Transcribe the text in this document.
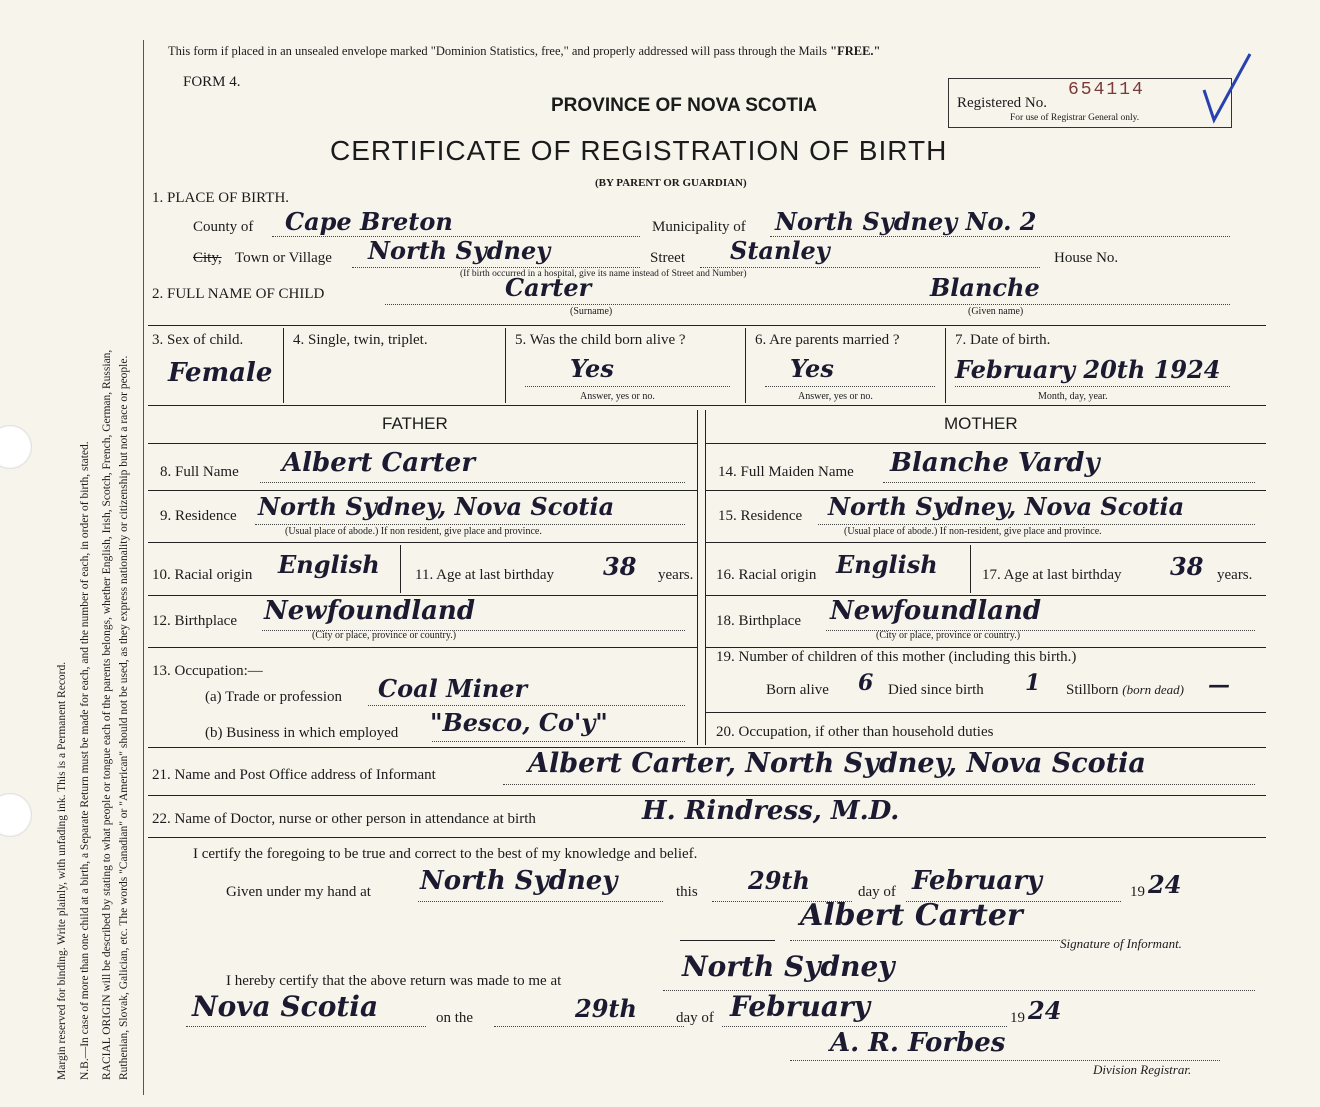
Margin reserved for binding. Write plainly, with unfading ink. This is a Permanent Record. N.B.—In case of more than one child at a birth, a Separate Return must be made for each, and the number of each, in order of birth, stated. RACIAL ORIGIN will be described by stating to what people or tongue each of the parents belongs, whether English, Irish, Scotch, French, German, Russian, Ruthenian, Slovak, Galician, etc. The words "Canadian" or "American" should not be used, as they express nationality or citizenship but not a race or people.
This form if placed in an unsealed envelope marked "Dominion Statistics, free," and properly addressed will pass through the Mails "FREE."
FORM 4.
PROVINCE OF NOVA SCOTIA
CERTIFICATE OF REGISTRATION OF BIRTH
(BY PARENT OR GUARDIAN)
Registered No.
654114
For use of Registrar General only.
1. PLACE OF BIRTH.
County of Cape Breton	Municipality of North Sydney No. 2
City, Town or Village North Sydney	Street Stanley	House No.
(If birth occurred in a hospital, give its name instead of Street and Number)
2. FULL NAME OF CHILD	Carter
(Surname)
Blanche
(Given name)
3. Sex of child.
Female
4. Single, twin, triplet.	5. Was the child born alive ?
Yes
Answer, yes or no.
6. Are parents married ?
Yes
Answer, yes or no.
7. Date of birth.
February 20th 1924
Month, day, year.
FATHER	MOTHER
8. Full Name Albert Carter
9. Residence North Sydney, Nova Scotia
(Usual place of abode.) If non resident, give place and province.
10. Racial origin English 11. Age at last birthday 38 years.
12. Birthplace Newfoundland
(City or place, province or country.)
13. Occupation:—
(a) Trade or profession Coal Miner
(b) Business in which employed "Besco, Co'y"
14. Full Maiden Name Blanche Vardy
15. Residence North Sydney, Nova Scotia
(Usual place of abode.) If non-resident, give place and province.
16. Racial origin English	17. Age at last birthday 38 years.
18. Birthplace Newfoundland
(City or place, province or country.)
19. Number of children of this mother (including this birth.)
Born alive 6 Died since birth 1 Stillborn (born dead) —
20. Occupation, if other than household duties
21. Name and Post Office address of Informant	Albert Carter, North Sydney, Nova Scotia
22. Name of Doctor, nurse or other person in attendance at birth	H. Rindress, M.D.
I certify the foregoing to be true and correct to the best of my knowledge and belief.
Given under my hand at North Sydney	this 29th	day of February	19 24
Albert Carter
Signature of Informant.
I hereby certify that the above return was made to me at	North Sydney
Nova Scotia	on the	29th	day of February	19 24
A. R. Forbes
Division Registrar.
